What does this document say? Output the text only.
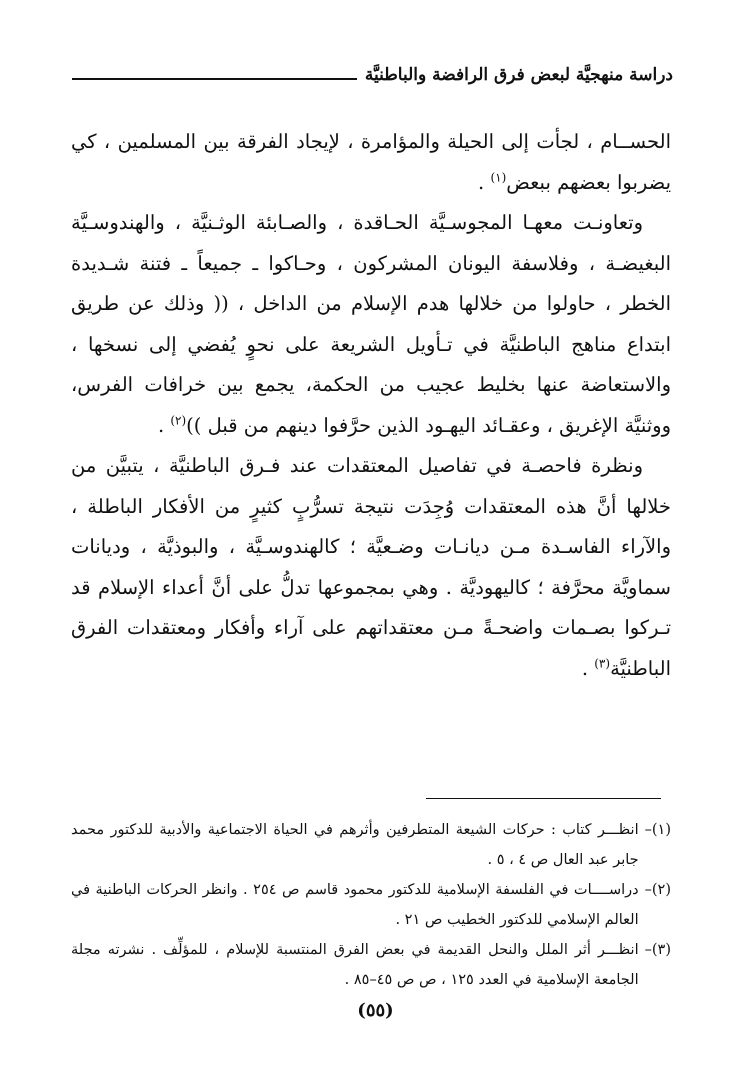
دراسة منهجيَّة لبعض فرق الرافضة والباطنيَّة

الحســام ، لجأت إلى الحيلة والمؤامرة ، لإيجاد الفرقة بين المسلمين ، كي يضربوا بعضهم ببعض$^{(١)}$ .

وتعاونـت معهـا المجوسـيَّة الحـاقدة ، والصـابئة الوثـنيَّة ، والهندوسـيَّة البغيضـة ، وفلاسفة اليونان المشركون ، وحـاكوا ـ جميعاً ـ فتنة شـديدة الخطر ، حاولوا من خلالها هدم الإسلام من الداخل ، (( وذلك عن طريق ابتداع مناهج الباطنيَّة في تـأويل الشريعة على نحوٍ يُفضي إلى نسخها ، والاستعاضة عنها بخليط عجيب من الحكمة، يجمع بين خرافات الفرس، ووثنيَّة الإغريق ، وعقـائد اليهـود الذين حرَّفوا دينهم من قبل ))$^{(٢)}$ .

ونظرة فاحصـة في تفاصيل المعتقدات عند فـرق الباطنيَّة ، يتبيَّن من خلالها أنَّ هذه المعتقدات وُجِدَت نتيجة تسرُّبٍ كثيرٍ من الأفكار الباطلة ، والآراء الفاسـدة مـن ديانـات وضـعيَّة ؛ كالهندوسـيَّة ، والبوذيَّة ، وديانات سماويَّة محرَّفة ؛ كاليهوديَّة . وهي بمجموعها تدلُّ على أنَّ أعداء الإسلام قد تـركوا بصـمات واضحـةً مـن معتقداتهم على آراء وأفكار ومعتقدات الفرق الباطنيَّة$^{(٣)}$ .

(١)–
انظـــر كتاب : حركات الشيعة المتطرفين وأثرهم في الحياة الاجتماعية والأدبية للدكتور محمد جابر عبد العال ص ٤ ، ٥ .
(٢)–
دراســــات في الفلسفة الإسلامية للدكتور محمود قاسم ص ٢٥٤ . وانظر الحركات الباطنية في العالم الإسلامي للدكتور الخطيب ص ٢١ .
(٣)–
انظـــر أثر الملل والنحل القديمة في بعض الفرق المنتسبة للإسلام ، للمؤلِّف . نشرته مجلة الجامعة الإسلامية في العدد ١٢٥ ، ص ص ٤٥–٨٥ .
(٥٥)
